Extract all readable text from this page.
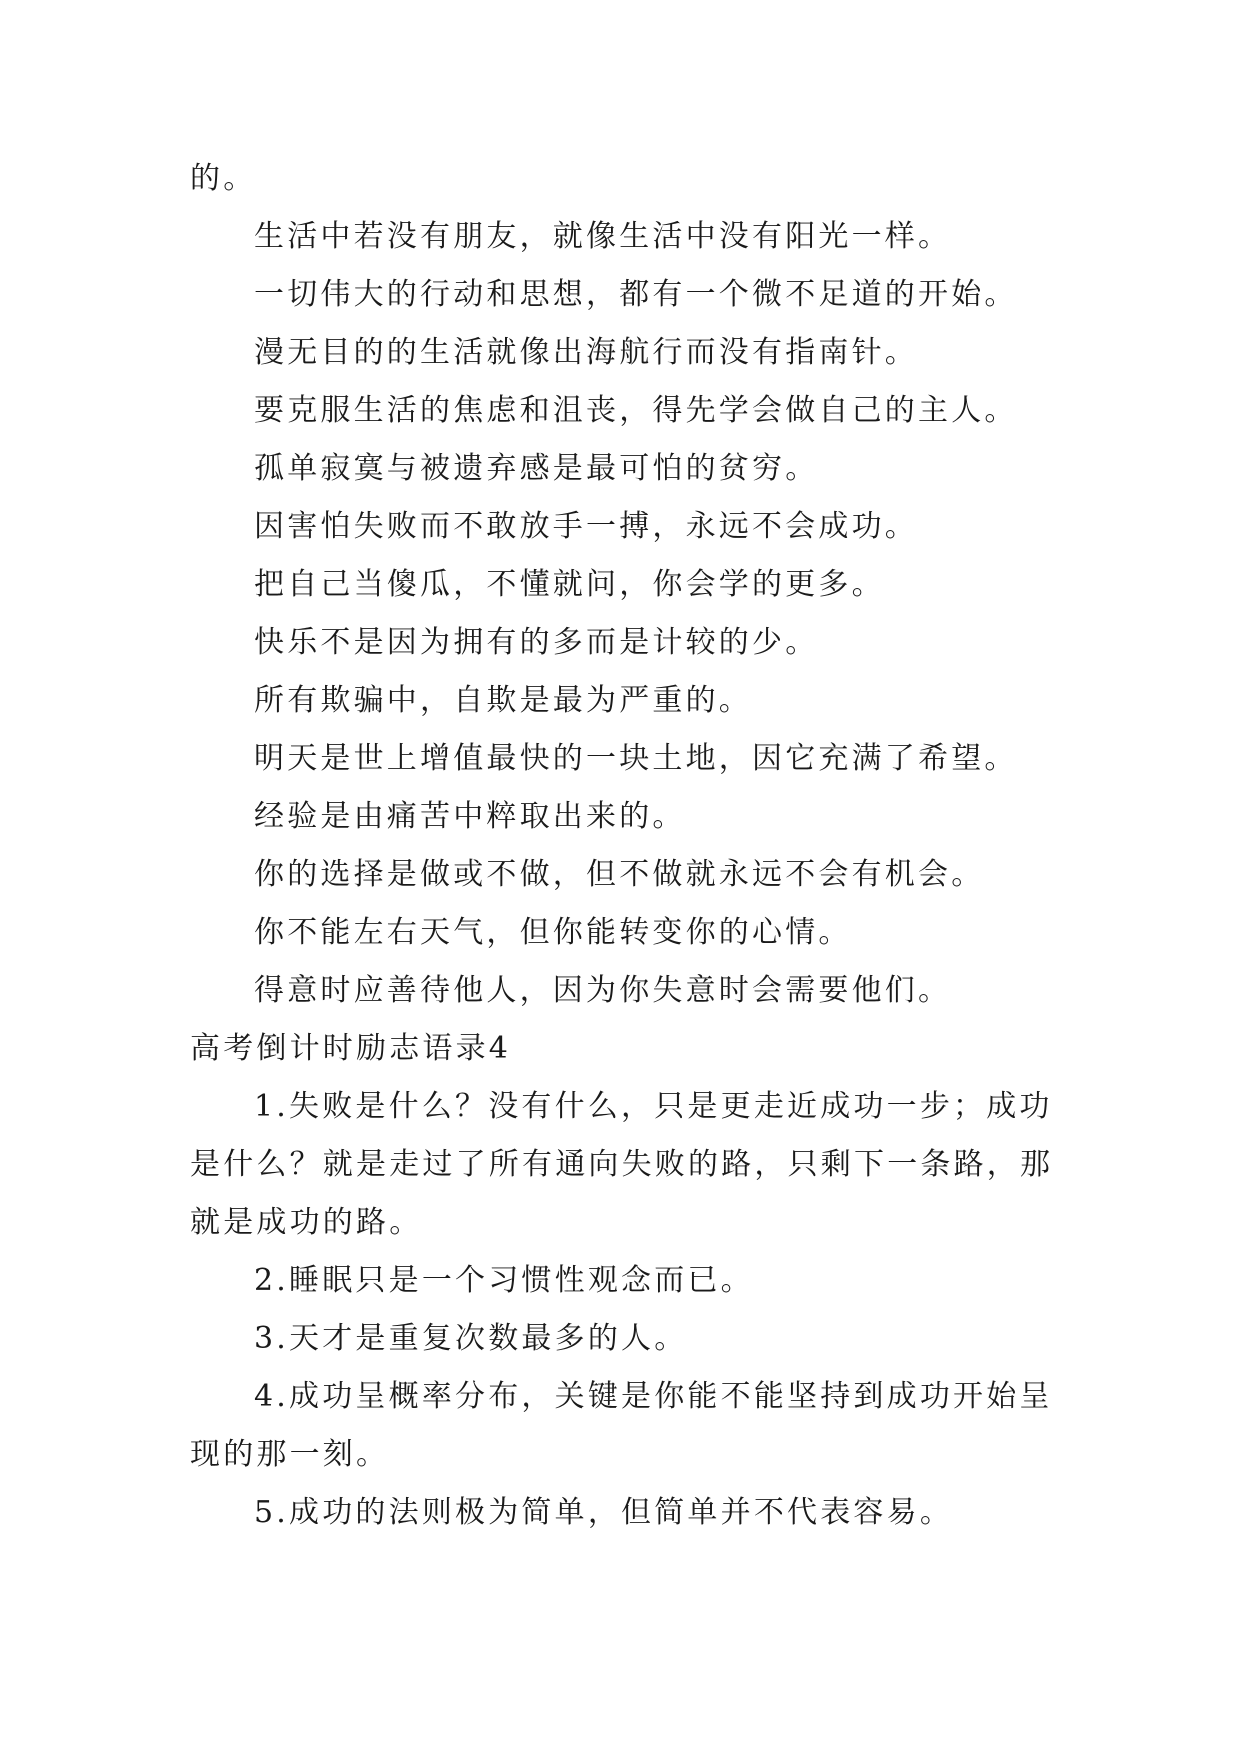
的。

生活中若没有朋友，就像生活中没有阳光一样。

一切伟大的行动和思想，都有一个微不足道的开始。

漫无目的的生活就像出海航行而没有指南针。

要克服生活的焦虑和沮丧，得先学会做自己的主人。

孤单寂寞与被遗弃感是最可怕的贫穷。

因害怕失败而不敢放手一搏，永远不会成功。

把自己当傻瓜，不懂就问，你会学的更多。

快乐不是因为拥有的多而是计较的少。

所有欺骗中，自欺是最为严重的。

明天是世上增值最快的一块土地，因它充满了希望。

经验是由痛苦中粹取出来的。

你的选择是做或不做，但不做就永远不会有机会。

你不能左右天气，但你能转变你的心情。

得意时应善待他人，因为你失意时会需要他们。

高考倒计时励志语录4

1.失败是什么？没有什么，只是更走近成功一步；成功
是什么？就是走过了所有通向失败的路，只剩下一条路，那
就是成功的路。

2.睡眠只是一个习惯性观念而已。

3.天才是重复次数最多的人。

4.成功呈概率分布，关键是你能不能坚持到成功开始呈
现的那一刻。

5.成功的法则极为简单，但简单并不代表容易。
